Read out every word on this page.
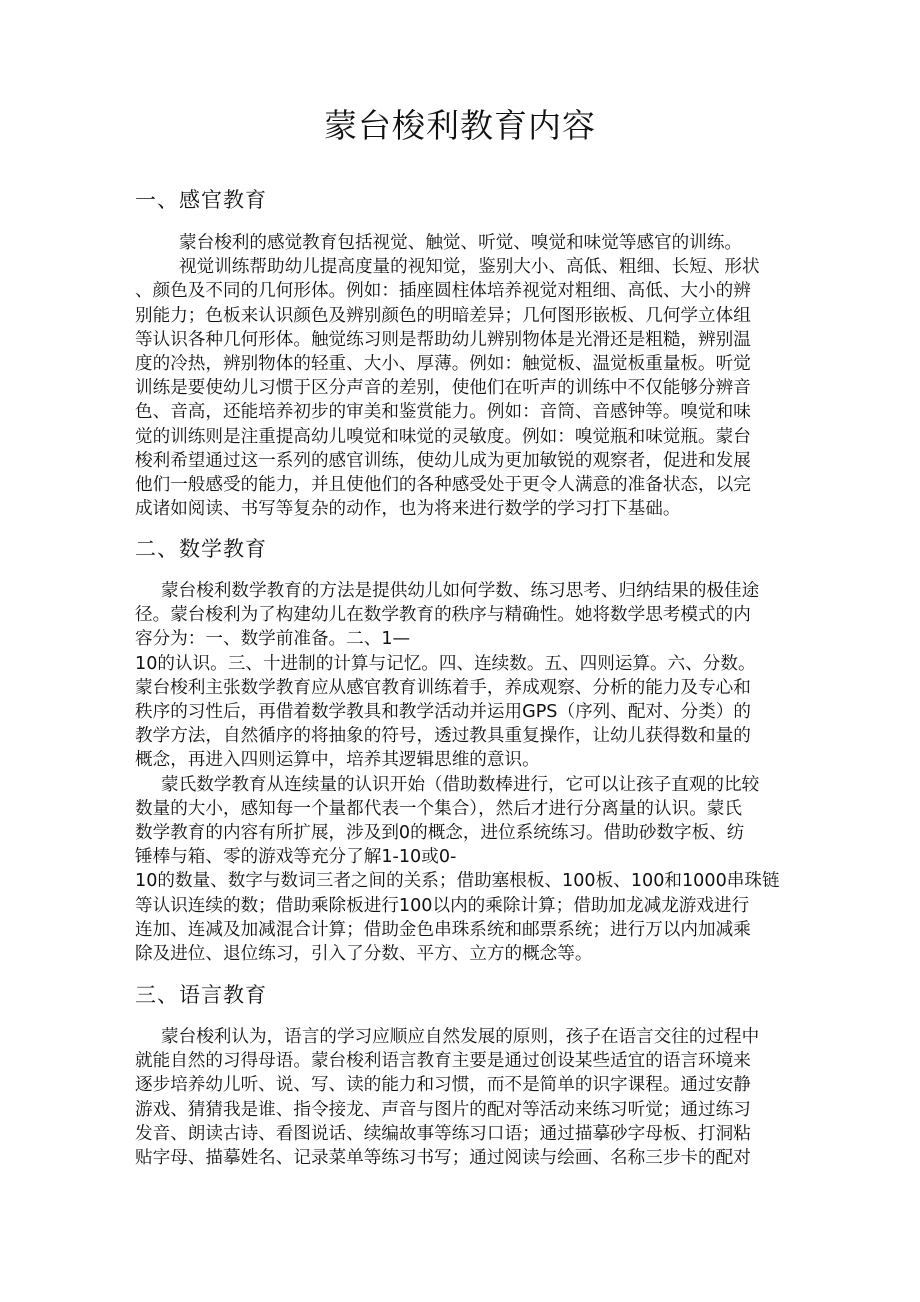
蒙台梭利教育内容
一、感官教育
蒙台梭利的感觉教育包括视觉、触觉、听觉、嗅觉和味觉等感官的训练。
视觉训练帮助幼儿提高度量的视知觉，鉴别大小、高低、粗细、长短、形状
、颜色及不同的几何形体。例如：插座圆柱体培养视觉对粗细、高低、大小的辨
别能力；色板来认识颜色及辨别颜色的明暗差异；几何图形嵌板、几何学立体组
等认识各种几何形体。触觉练习则是帮助幼儿辨别物体是光滑还是粗糙，辨别温
度的冷热，辨别物体的轻重、大小、厚薄。例如：触觉板、温觉板重量板。听觉
训练是要使幼儿习惯于区分声音的差别，使他们在听声的训练中不仅能够分辨音
色、音高，还能培养初步的审美和鉴赏能力。例如：音筒、音感钟等。嗅觉和味
觉的训练则是注重提高幼儿嗅觉和味觉的灵敏度。例如：嗅觉瓶和味觉瓶。蒙台
梭利希望通过这一系列的感官训练，使幼儿成为更加敏锐的观察者，促进和发展
他们一般感受的能力，并且使他们的各种感受处于更令人满意的准备状态，以完
成诸如阅读、书写等复杂的动作，也为将来进行数学的学习打下基础。
二、数学教育
蒙台梭利数学教育的方法是提供幼儿如何学数、练习思考、归纳结果的极佳途
径。蒙台梭利为了构建幼儿在数学教育的秩序与精确性。她将数学思考模式的内
容分为：一、数学前准备。二、1—
10的认识。三、十进制的计算与记忆。四、连续数。五、四则运算。六、分数。
蒙台梭利主张数学教育应从感官教育训练着手，养成观察、分析的能力及专心和
秩序的习性后，再借着数学教具和教学活动并运用GPS（序列、配对、分类）的
教学方法，自然循序的将抽象的符号，透过教具重复操作，让幼儿获得数和量的
概念，再进入四则运算中，培养其逻辑思维的意识。
蒙氏数学教育从连续量的认识开始（借助数棒进行，它可以让孩子直观的比较
数量的大小，感知每一个量都代表一个集合），然后才进行分离量的认识。蒙氏
数学教育的内容有所扩展，涉及到0的概念，进位系统练习。借助砂数字板、纺
锤棒与箱、零的游戏等充分了解1-10或0-
10的数量、数字与数词三者之间的关系；借助塞根板、100板、100和1000串珠链
等认识连续的数；借助乘除板进行100以内的乘除计算；借助加龙减龙游戏进行
连加、连减及加减混合计算；借助金色串珠系统和邮票系统；进行万以内加减乘
除及进位、退位练习，引入了分数、平方、立方的概念等。
三、语言教育
蒙台梭利认为，语言的学习应顺应自然发展的原则，孩子在语言交往的过程中
就能自然的习得母语。蒙台梭利语言教育主要是通过创设某些适宜的语言环境来
逐步培养幼儿听、说、写、读的能力和习惯，而不是简单的识字课程。通过安静
游戏、猜猜我是谁、指令接龙、声音与图片的配对等活动来练习听觉；通过练习
发音、朗读古诗、看图说话、续编故事等练习口语；通过描摹砂字母板、打洞粘
贴字母、描摹姓名、记录菜单等练习书写；通过阅读与绘画、名称三步卡的配对
